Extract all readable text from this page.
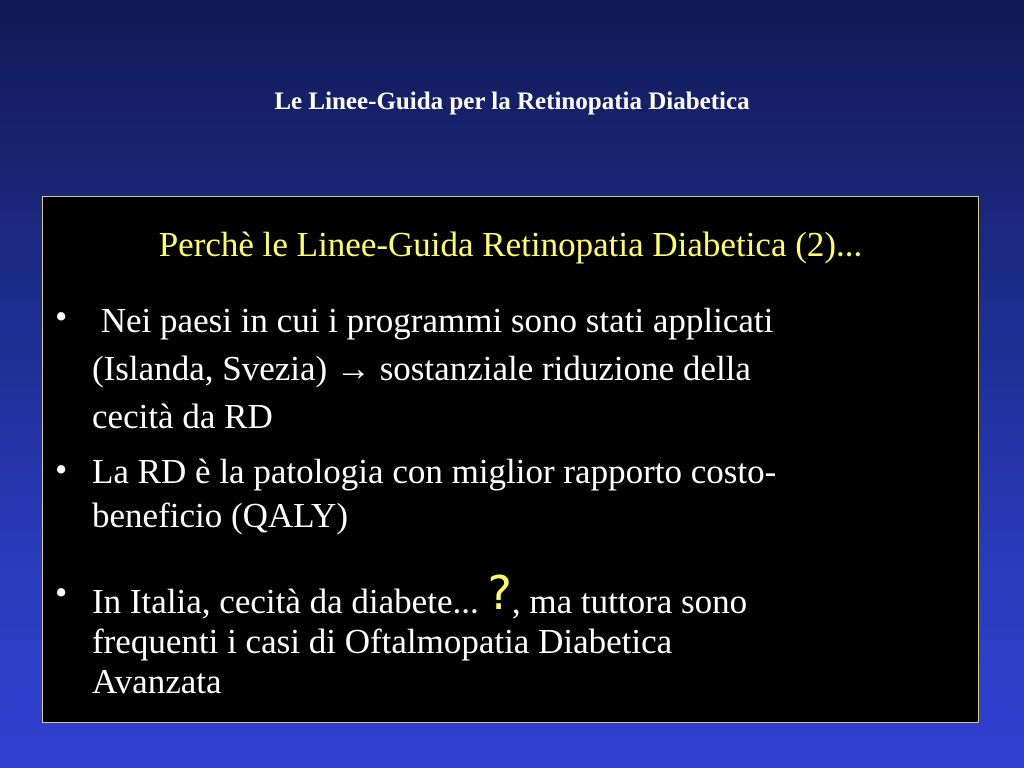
Le Linee-Guida per la Retinopatia Diabetica
Perchè le Linee-Guida Retinopatia Diabetica (2)...
• Nei paesi in cui i programmi sono stati applicati
(Islanda, Svezia) → sostanziale riduzione della
cecità da RD
• La RD è la patologia con miglior rapporto costo-
beneficio (QALY)
• In Italia, cecità da diabete... ?, ma tuttora sono
frequenti i casi di Oftalmopatia Diabetica
Avanzata
